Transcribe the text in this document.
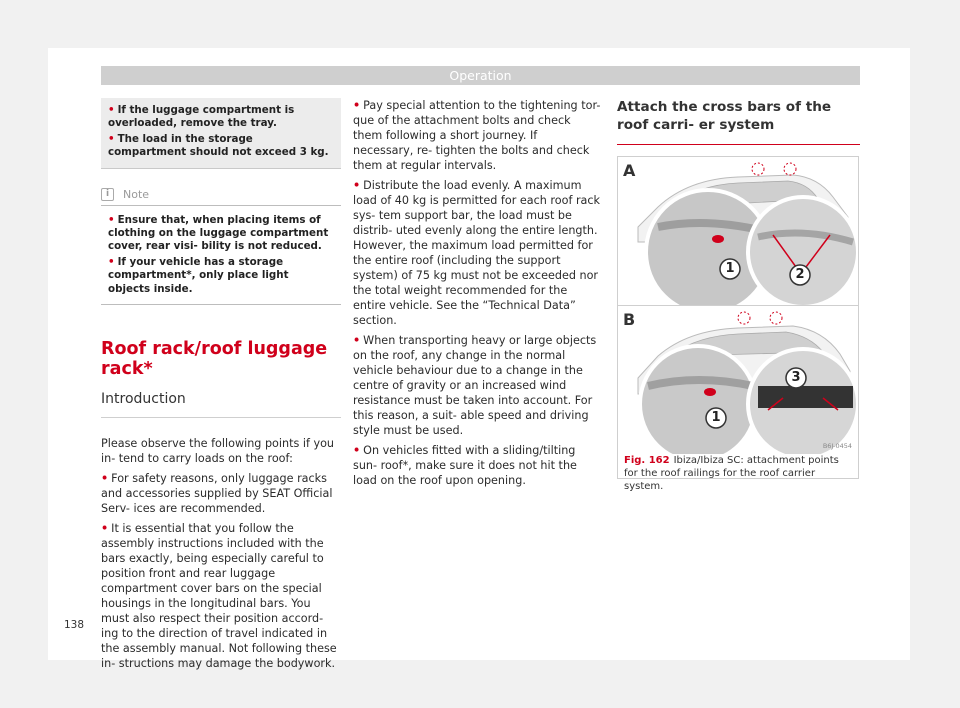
Operation

• If the luggage compartment is overloaded, remove the tray.

• The load in the storage compartment should not exceed 3 kg.

i	Note

• Ensure that, when placing items of clothing on the luggage compartment cover, rear visi- bility is not reduced.

• If your vehicle has a storage compartment*, only place light objects inside.

Roof rack/roof luggage rack*
Introduction

Please observe the following points if you in- tend to carry loads on the roof:

• For safety reasons, only luggage racks and accessories supplied by SEAT Official Serv- ices are recommended.

• It is essential that you follow the assembly instructions included with the bars exactly, being especially careful to position front and rear luggage compartment cover bars on the special housings in the longitudinal bars. You must also respect their position accord- ing to the direction of travel indicated in the assembly manual. Not following these in- structions may damage the bodywork.

• Pay special attention to the tightening tor- que of the attachment bolts and check them following a short journey. If necessary, re- tighten the bolts and check them at regular intervals.

• Distribute the load evenly. A maximum load of 40 kg is permitted for each roof rack sys- tem support bar, the load must be distrib- uted evenly along the entire length. However, the maximum load permitted for the entire roof (including the support system) of 75 kg must not be exceeded nor the total weight recommended for the entire vehicle. See the “Technical Data” section.

• When transporting heavy or large objects on the roof, any change in the normal vehicle behaviour due to a change in the centre of gravity or an increased wind resistance must be taken into account. For this reason, a suit- able speed and driving style must be used.

• On vehicles fitted with a sliding/tilting sun- roof*, make sure it does not hit the load on the roof upon opening.

Attach the cross bars of the roof carri- er system
A
1	2
B
3
1
B6J-0454
Fig. 162 Ibiza/Ibiza SC: attachment points for the roof railings for the roof carrier system.
138
